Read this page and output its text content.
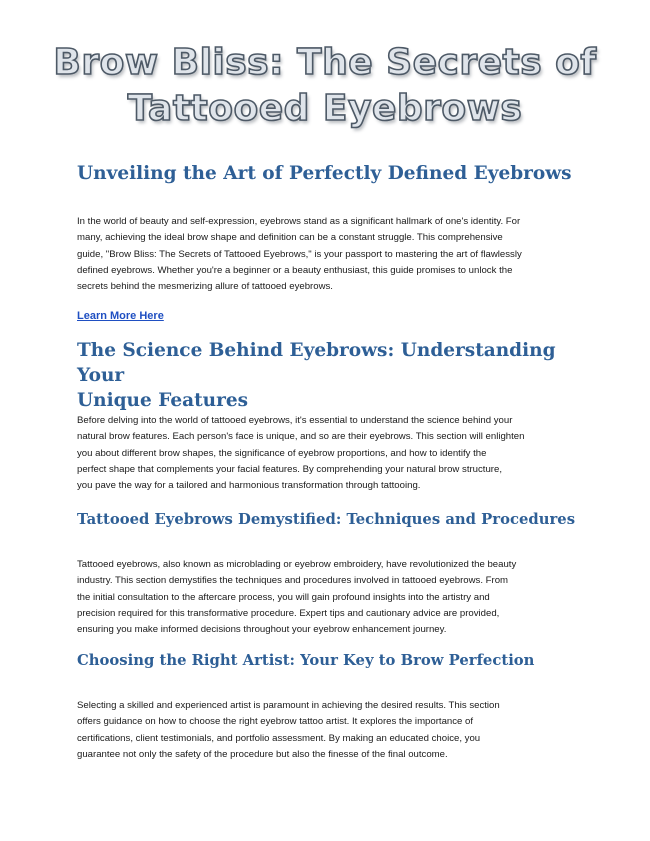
Brow Bliss: The Secrets of
Tattooed Eyebrows
Unveiling the Art of Perfectly Defined Eyebrows

In the world of beauty and self-expression, eyebrows stand as a significant hallmark of one's identity. For
many, achieving the ideal brow shape and definition can be a constant struggle. This comprehensive
guide, "Brow Bliss: The Secrets of Tattooed Eyebrows," is your passport to mastering the art of flawlessly
defined eyebrows. Whether you're a beginner or a beauty enthusiast, this guide promises to unlock the
secrets behind the mesmerizing allure of tattooed eyebrows.

Learn More Here
The Science Behind Eyebrows: Understanding Your
Unique Features

Before delving into the world of tattooed eyebrows, it's essential to understand the science behind your
natural brow features. Each person's face is unique, and so are their eyebrows. This section will enlighten
you about different brow shapes, the significance of eyebrow proportions, and how to identify the
perfect shape that complements your facial features. By comprehending your natural brow structure,
you pave the way for a tailored and harmonious transformation through tattooing.

Tattooed Eyebrows Demystified: Techniques and Procedures

Tattooed eyebrows, also known as microblading or eyebrow embroidery, have revolutionized the beauty
industry. This section demystifies the techniques and procedures involved in tattooed eyebrows. From
the initial consultation to the aftercare process, you will gain profound insights into the artistry and
precision required for this transformative procedure. Expert tips and cautionary advice are provided,
ensuring you make informed decisions throughout your eyebrow enhancement journey.

Choosing the Right Artist: Your Key to Brow Perfection

Selecting a skilled and experienced artist is paramount in achieving the desired results. This section
offers guidance on how to choose the right eyebrow tattoo artist. It explores the importance of
certifications, client testimonials, and portfolio assessment. By making an educated choice, you
guarantee not only the safety of the procedure but also the finesse of the final outcome.
